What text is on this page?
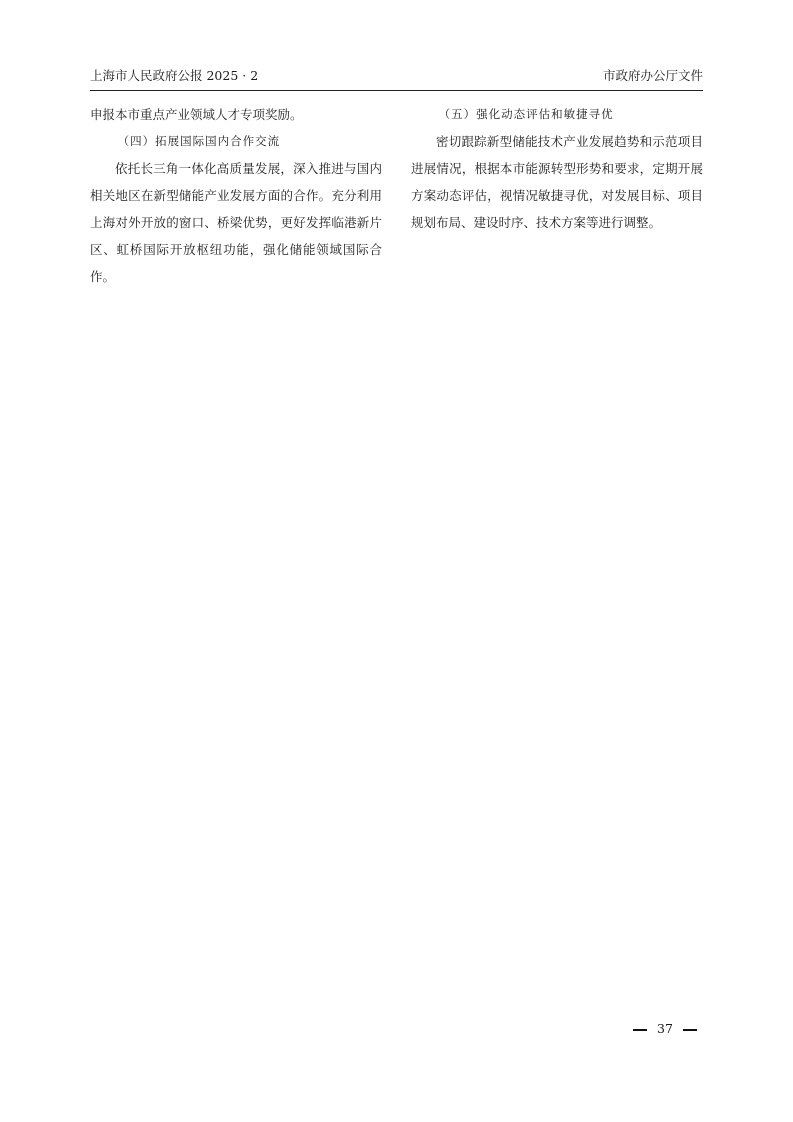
上海市人民政府公报 2025 · 2	市政府办公厅文件

申报本市重点产业领域人才专项奖励。

（四）拓展国际国内合作交流

依托长三角一体化高质量发展，深入推进与国内相关地区在新型储能产业发展方面的合作。充分利用上海对外开放的窗口、桥梁优势，更好发挥临港新片区、虹桥国际开放枢纽功能，强化储能领域国际合作。

（五）强化动态评估和敏捷寻优

密切跟踪新型储能技术产业发展趋势和示范项目进展情况，根据本市能源转型形势和要求，定期开展方案动态评估，视情况敏捷寻优，对发展目标、项目规划布局、建设时序、技术方案等进行调整。

37
